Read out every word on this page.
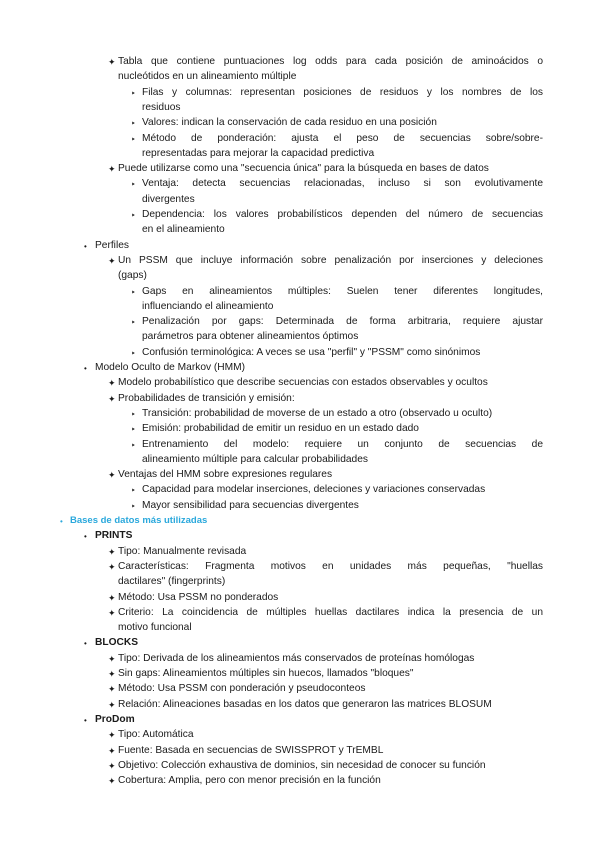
✦ Tabla que contiene puntuaciones log odds para cada posición de aminoácidos o
nucleótidos en un alineamiento múltiple
‣ Filas y columnas: representan posiciones de residuos y los nombres de los
residuos
‣ Valores: indican la conservación de cada residuo en una posición
‣ Método de ponderación: ajusta el peso de secuencias sobre/sobre-
representadas para mejorar la capacidad predictiva
✦ Puede utilizarse como una "secuencia única" para la búsqueda en bases de datos
‣ Ventaja: detecta secuencias relacionadas, incluso si son evolutivamente
divergentes
‣ Dependencia: los valores probabilísticos dependen del número de secuencias
en el alineamiento
• Perfiles
✦ Un PSSM que incluye información sobre penalización por inserciones y deleciones
(gaps)
‣ Gaps en alineamientos múltiples: Suelen tener diferentes longitudes,
influenciando el alineamiento
‣ Penalización por gaps: Determinada de forma arbitraria, requiere ajustar
parámetros para obtener alineamientos óptimos
‣ Confusión terminológica: A veces se usa "perfil" y "PSSM" como sinónimos
• Modelo Oculto de Markov (HMM)
✦ Modelo probabilístico que describe secuencias con estados observables y ocultos
✦ Probabilidades de transición y emisión:
‣ Transición: probabilidad de moverse de un estado a otro (observado u oculto)
‣ Emisión: probabilidad de emitir un residuo en un estado dado
‣ Entrenamiento del modelo: requiere un conjunto de secuencias de
alineamiento múltiple para calcular probabilidades
✦ Ventajas del HMM sobre expresiones regulares
‣ Capacidad para modelar inserciones, deleciones y variaciones conservadas
‣ Mayor sensibilidad para secuencias divergentes
• Bases de datos más utilizadas
• PRINTS
✦ Tipo: Manualmente revisada
✦ Características: Fragmenta motivos en unidades más pequeñas, "huellas
dactilares" (fingerprints)
✦ Método: Usa PSSM no ponderados
✦ Criterio: La coincidencia de múltiples huellas dactilares indica la presencia de un
motivo funcional
• BLOCKS
✦ Tipo: Derivada de los alineamientos más conservados de proteínas homólogas
✦ Sin gaps: Alineamientos múltiples sin huecos, llamados "bloques"
✦ Método: Usa PSSM con ponderación y pseudoconteos
✦ Relación: Alineaciones basadas en los datos que generaron las matrices BLOSUM
• ProDom
✦ Tipo: Automática
✦ Fuente: Basada en secuencias de SWISSPROT y TrEMBL
✦ Objetivo: Colección exhaustiva de dominios, sin necesidad de conocer su función
✦ Cobertura: Amplia, pero con menor precisión en la función
